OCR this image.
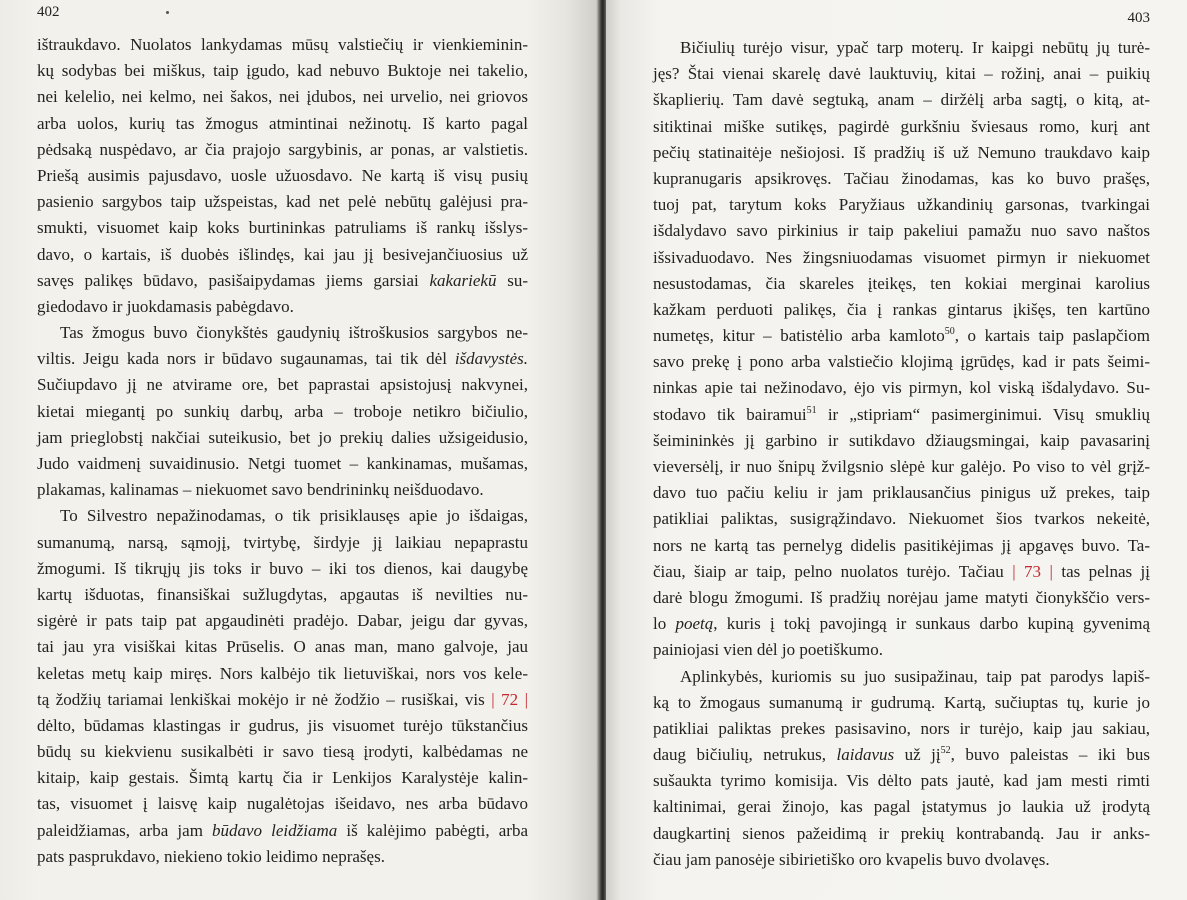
402
ištraukdavo. Nuolatos lankydamas mūsų valstiečių ir vienkieminin-
kų sodybas bei miškus, taip įgudo, kad nebuvo Buktoje nei takelio,
nei kelelio, nei kelmo, nei šakos, nei įdubos, nei urvelio, nei griovos
arba uolos, kurių tas žmogus atmintinai nežinotų. Iš karto pagal
pėdsaką nuspėdavo, ar čia prajojo sargybinis, ar ponas, ar valstietis.
Priešą ausimis pajusdavo, uosle užuosdavo. Ne kartą iš visų pusių
pasienio sargybos taip užspeistas, kad net pelė nebūtų galėjusi pra-
smukti, visuomet kaip koks burtininkas patruliams iš rankų išslys-
davo, o kartais, iš duobės išlindęs, kai jau jį besivejančiuosius už
savęs palikęs būdavo, pasišaipydamas jiems garsiai kakariekū su-
giedodavo ir juokdamasis pabėgdavo.
Tas žmogus buvo čionykštės gaudynių ištroškusios sargybos ne-
viltis. Jeigu kada nors ir būdavo sugaunamas, tai tik dėl išdavystės.
Sučiupdavo jį ne atvirame ore, bet paprastai apsistojusį nakvynei,
kietai miegantį po sunkių darbų, arba – troboje netikro bičiulio,
jam prieglobstį nakčiai suteikusio, bet jo prekių dalies užsigeidusio,
Judo vaidmenį suvaidinusio. Netgi tuomet – kankinamas, mušamas,
plakamas, kalinamas – niekuomet savo bendrininkų neišduodavo.
To Silvestro nepažinodamas, o tik prisiklausęs apie jo išdaigas,
sumanumą, narsą, sąmojį, tvirtybę, širdyje jį laikiau nepaprastu
žmogumi. Iš tikrųjų jis toks ir buvo – iki tos dienos, kai daugybę
kartų išduotas, finansiškai sužlugdytas, apgautas iš nevilties nu-
sigėrė ir pats taip pat apgaudinėti pradėjo. Dabar, jeigu dar gyvas,
tai jau yra visiškai kitas Prūselis. O anas man, mano galvoje, jau
keletas metų kaip miręs. Nors kalbėjo tik lietuviškai, nors vos kele-
tą žodžių tariamai lenkiškai mokėjo ir nė žodžio – rusiškai, vis | 72 |
dėlto, būdamas klastingas ir gudrus, jis visuomet turėjo tūkstančius
būdų su kiekvienu susikalbėti ir savo tiesą įrodyti, kalbėdamas ne
kitaip, kaip gestais. Šimtą kartų čia ir Lenkijos Karalystėje kalin-
tas, visuomet į laisvę kaip nugalėtojas išeidavo, nes arba būdavo
paleidžiamas, arba jam būdavo leidžiama iš kalėjimo pabėgti, arba
pats pasprukdavo, niekieno tokio leidimo neprašęs.
403
Bičiulių turėjo visur, ypač tarp moterų. Ir kaipgi nebūtų jų turė-
jęs? Štai vienai skarelę davė lauktuvių, kitai – rožinį, anai – puikių
škaplierių. Tam davė segtuką, anam – diržėlį arba sagtį, o kitą, at-
sitiktinai miške sutikęs, pagirdė gurkšniu šviesaus romo, kurį ant
pečių statinaitėje nešiojosi. Iš pradžių iš už Nemuno traukdavo kaip
kupranugaris apsikrovęs. Tačiau žinodamas, kas ko buvo prašęs,
tuoj pat, tarytum koks Paryžiaus užkandinių garsonas, tvarkingai
išdalydavo savo pirkinius ir taip pakeliui pamažu nuo savo naštos
išsivaduodavo. Nes žingsniuodamas visuomet pirmyn ir niekuomet
nesustodamas, čia skareles įteikęs, ten kokiai merginai karolius
kažkam perduoti palikęs, čia į rankas gintarus įkišęs, ten kartūno
numetęs, kitur – batistėlio arba kamloto$^{50}$, o kartais taip paslapčiom
savo prekę į pono arba valstiečio klojimą įgrūdęs, kad ir pats šeimi-
ninkas apie tai nežinodavo, ėjo vis pirmyn, kol viską išdalydavo. Su-
stodavo tik bairamui$^{51}$ ir „stipriam“ pasimerginimui. Visų smuklių
šeimininkės jį garbino ir sutikdavo džiaugsmingai, kaip pavasarinį
vieversėlį, ir nuo šnipų žvilgsnio slėpė kur galėjo. Po viso to vėl grįž-
davo tuo pačiu keliu ir jam priklausančius pinigus už prekes, taip
patikliai paliktas, susigrąžindavo. Niekuomet šios tvarkos nekeitė,
nors ne kartą tas pernelyg didelis pasitikėjimas jį apgavęs buvo. Ta-
čiau, šiaip ar taip, pelno nuolatos turėjo. Tačiau | 73 | tas pelnas jį
darė blogu žmogumi. Iš pradžių norėjau jame matyti čionykščio vers-
lo poetą, kuris į tokį pavojingą ir sunkaus darbo kupiną gyvenimą
painiojasi vien dėl jo poetiškumo.
Aplinkybės, kuriomis su juo susipažinau, taip pat parodys lapiš-
ką to žmogaus sumanumą ir gudrumą. Kartą, sučiuptas tų, kurie jo
patikliai paliktas prekes pasisavino, nors ir turėjo, kaip jau sakiau,
daug bičiulių, netrukus, laidavus už $jį^{52}$, buvo paleistas – iki bus
sušaukta tyrimo komisija. Vis dėlto pats jautė, kad jam mesti rimti
kaltinimai, gerai žinojo, kas pagal įstatymus jo laukia už įrodytą
daugkartinį sienos pažeidimą ir prekių kontrabandą. Jau ir anks-
čiau jam panosėje sibirietiško oro kvapelis buvo dvolavęs.
